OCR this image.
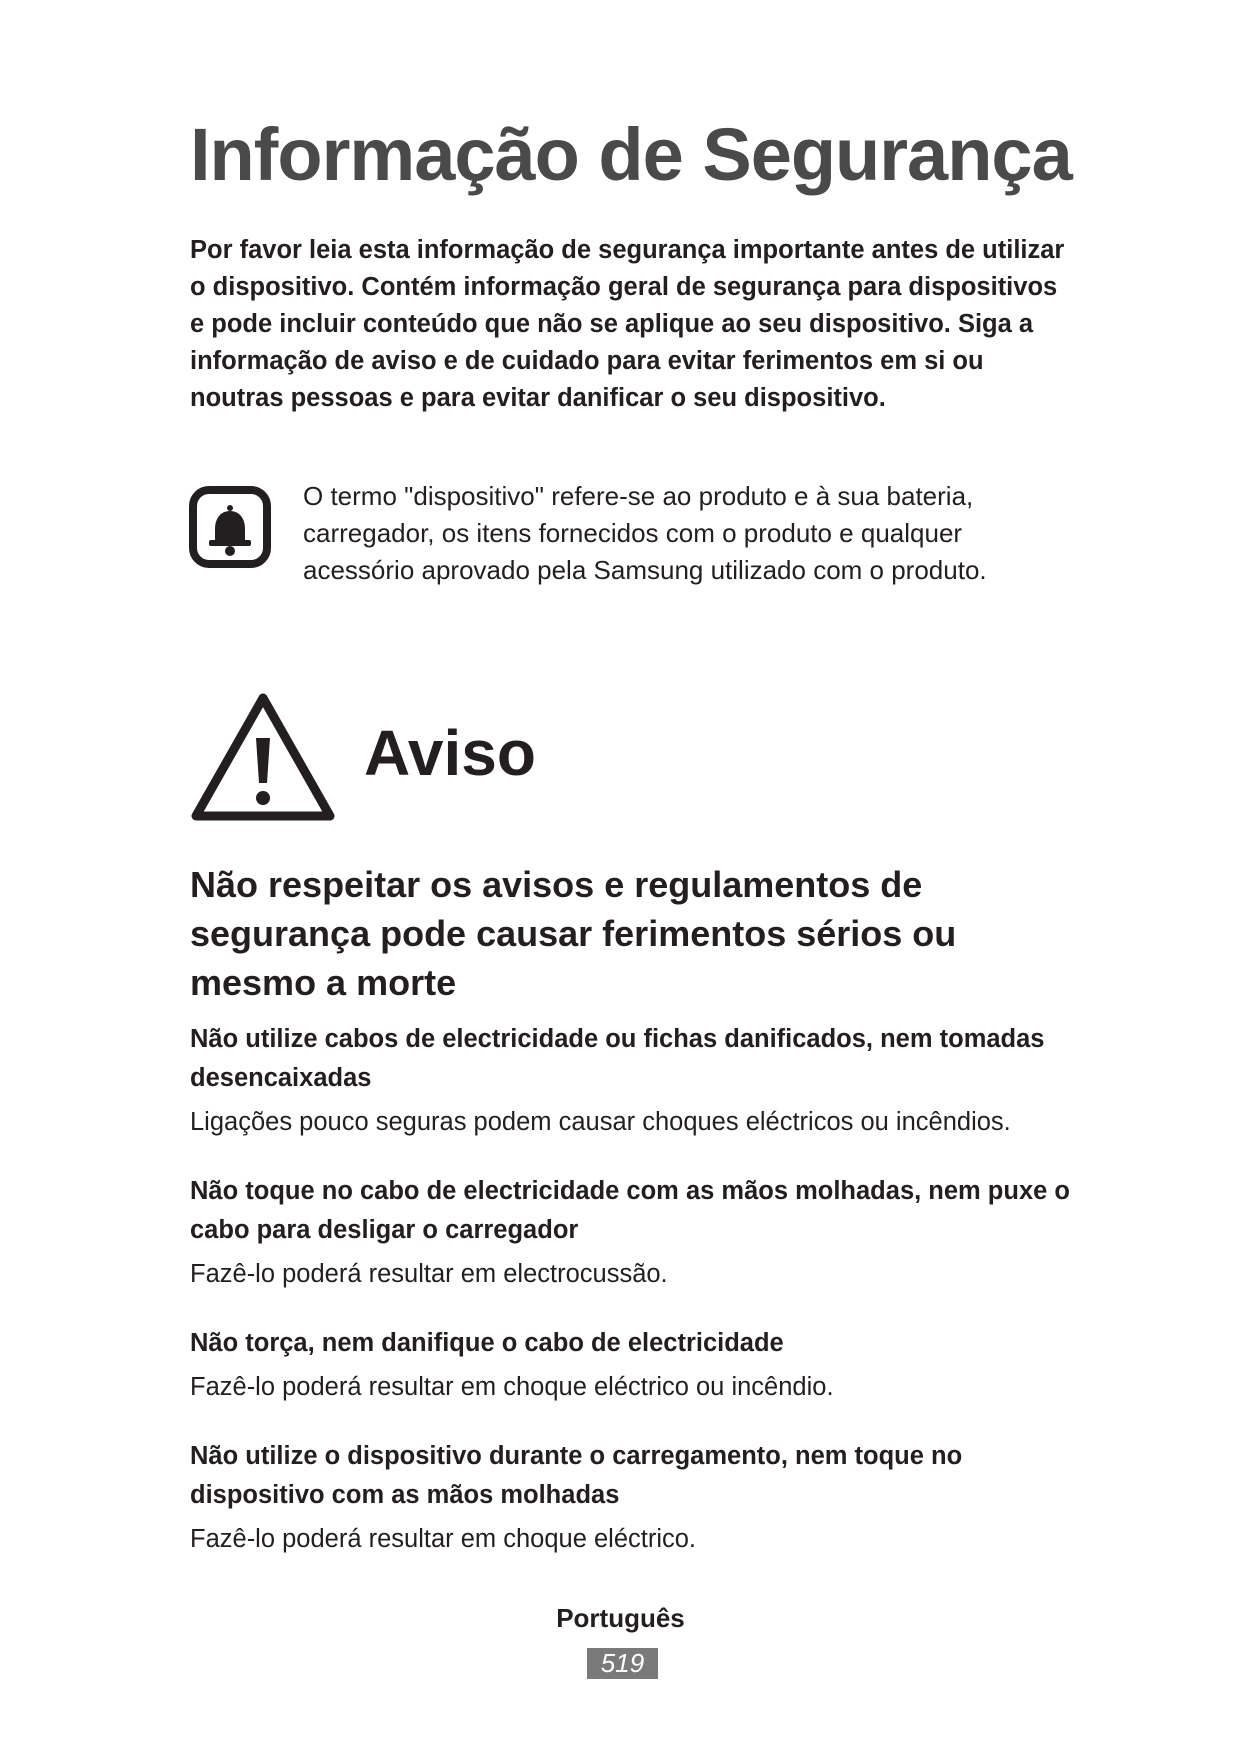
Informação de Segurança

Por favor leia esta informação de segurança importante antes de utilizar o dispositivo. Contém informação geral de segurança para dispositivos e pode incluir conteúdo que não se aplique ao seu dispositivo. Siga a informação de aviso e de cuidado para evitar ferimentos em si ou noutras pessoas e para evitar danificar o seu dispositivo.

O termo "dispositivo" refere-se ao produto e à sua bateria, carregador, os itens fornecidos com o produto e qualquer acessório aprovado pela Samsung utilizado com o produto.

Aviso
Não respeitar os avisos e regulamentos de segurança pode causar ferimentos sérios ou mesmo a morte

Não utilize cabos de electricidade ou fichas danificados, nem tomadas desencaixadas

Ligações pouco seguras podem causar choques eléctricos ou incêndios.

Não toque no cabo de electricidade com as mãos molhadas, nem puxe o cabo para desligar o carregador

Fazê-lo poderá resultar em electrocussão.

Não torça, nem danifique o cabo de electricidade

Fazê-lo poderá resultar em choque eléctrico ou incêndio.

Não utilize o dispositivo durante o carregamento, nem toque no dispositivo com as mãos molhadas

Fazê-lo poderá resultar em choque eléctrico.

Português
519
